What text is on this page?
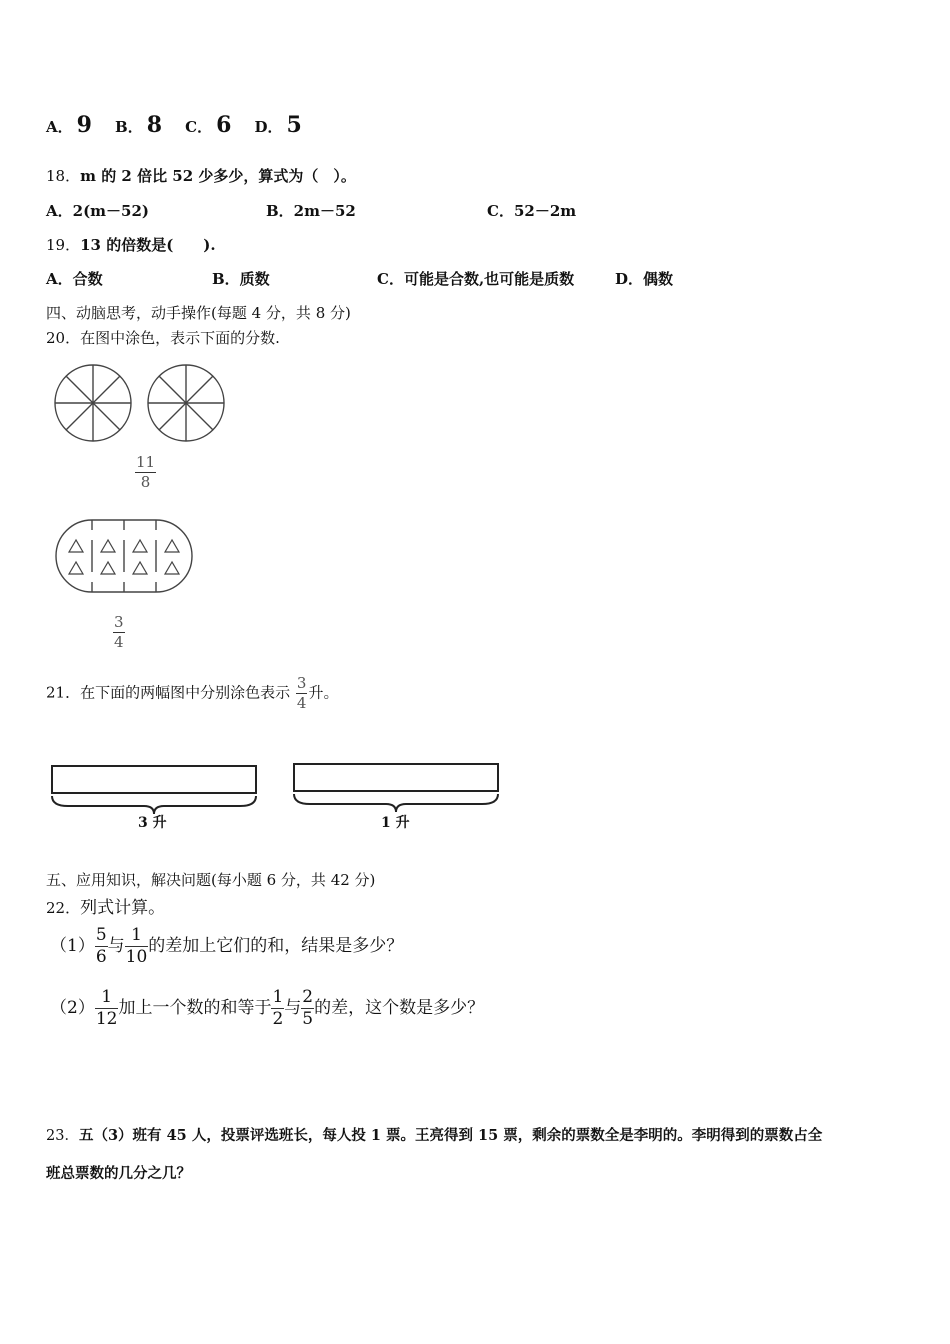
A． 9 B． 8 C． 6 D． 5
18．m 的 2 倍比 52 少多少，算式为（　）。
A．2(m－52)	B．2m－52	C．52－2m
19．13 的倍数是(　　).
A．合数	B．质数	C．可能是合数,也可能是质数	D．偶数
四、动脑思考，动手操作(每题 4 分，共 8 分)
20．在图中涂色，表示下面的分数.
$\frac{11}{8}$
$\frac{3}{4}$
21．在下面的两幅图中分别涂色表示 $\frac{3}{4}$ 升。
3 升	1 升
五、应用知识，解决问题(每小题 6 分，共 42 分)
22．列式计算。
$(1) \frac{5}{6}$ 与 $\frac{1}{10}$ 的差加上它们的和，结果是多少？
$(2) \frac{1}{12}$ 加上一个数的和等于 $\frac{1}{2}$ 与 $\frac{2}{5}$ 的差，这个数是多少？
23．五（3）班有 45 人，投票评选班长，每人投 1 票。王亮得到 15 票，剩余的票数全是李明的。李明得到的票数占全
班总票数的几分之几？
